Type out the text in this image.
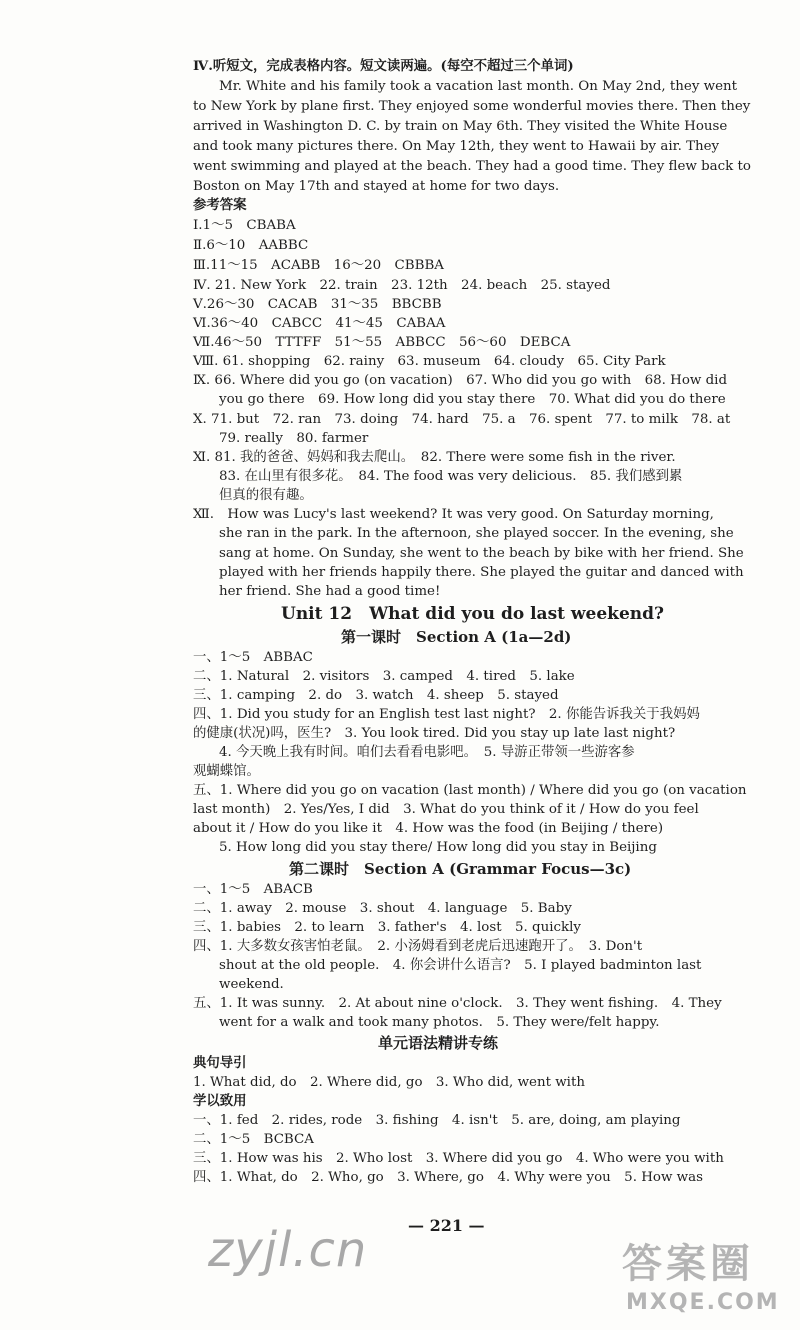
Ⅳ.听短文，完成表格内容。短文读两遍。(每空不超过三个单词)
Mr. White and his family took a vacation last month. On May 2nd, they went
to New York by plane first. They enjoyed some wonderful movies there. Then they
arrived in Washington D. C. by train on May 6th. They visited the White House
and took many pictures there. On May 12th, they went to Hawaii by air. They
went swimming and played at the beach. They had a good time. They flew back to
Boston on May 17th and stayed at home for two days.
参考答案
Ⅰ.1～5　CBABA
Ⅱ.6～10　AABBC
Ⅲ.11～15　ACABB　16～20　CBBBA
Ⅳ. 21. New York　22. train　23. 12th　24. beach　25. stayed
Ⅴ.26～30　CACAB　31～35　BBCBB
Ⅵ.36～40　CABCC　41～45　CABAA
Ⅶ.46～50　TTTFF　51～55　ABBCC　56～60　DEBCA
Ⅷ. 61. shopping　62. rainy　63. museum　64. cloudy　65. City Park
Ⅸ. 66. Where did you go (on vacation)　67. Who did you go with　68. How did
you go there　69. How long did you stay there　70. What did you do there
Ⅹ. 71. but　72. ran　73. doing　74. hard　75. a　76. spent　77. to milk　78. at
79. really　80. farmer
Ⅺ. 81. 我的爸爸、妈妈和我去爬山。　82. There were some fish in the river.
83. 在山里有很多花。　84. The food was very delicious.　85. 我们感到累
但真的很有趣。
Ⅻ.　How was Lucy's last weekend? It was very good. On Saturday morning,
she ran in the park. In the afternoon, she played soccer. In the evening, she
sang at home. On Sunday, she went to the beach by bike with her friend. She
played with her friends happily there. She played the guitar and danced with
her friend. She had a good time!
Unit 12　What did you do last weekend?
第一课时　Section A (1a—2d)
一、1～5　ABBAC
二、1. Natural　2. visitors　3. camped　4. tired　5. lake
三、1. camping　2. do　3. watch　4. sheep　5. stayed
四、1. Did you study for an English test last night?　2. 你能告诉我关于我妈妈
的健康(状况)吗，医生?　3. You look tired. Did you stay up late last night?
4. 今天晚上我有时间。咱们去看看电影吧。　5. 导游正带领一些游客参
观蝴蝶馆。
五、1. Where did you go on vacation (last month) / Where did you go (on vacation
last month)　2. Yes/Yes, I did　3. What do you think of it / How do you feel
about it / How do you like it　4. How was the food (in Beijing / there)
5. How long did you stay there/ How long did you stay in Beijing
第二课时　Section A (Grammar Focus—3c)
一、1～5　ABACB
二、1. away　2. mouse　3. shout　4. language　5. Baby
三、1. babies　2. to learn　3. father's　4. lost　5. quickly
四、1. 大多数女孩害怕老鼠。　2. 小汤姆看到老虎后迅速跑开了。　3. Don't
shout at the old people.　4. 你会讲什么语言?　5. I played badminton last
weekend.
五、1. It was sunny.　2. At about nine o'clock.　3. They went fishing.　4. They
went for a walk and took many photos.　5. They were/felt happy.
单元语法精讲专练
典句导引
1. What did, do　2. Where did, go　3. Who did, went with
学以致用
一、1. fed　2. rides, rode　3. fishing　4. isn't　5. are, doing, am playing
二、1～5　BCBCA
三、1. How was his　2. Who lost　3. Where did you go　4. Who were you with
四、1. What, do　2. Who, go　3. Where, go　4. Why were you　5. How was
— 221 —
zyjl.cn	答案圈
MXQE.COM
